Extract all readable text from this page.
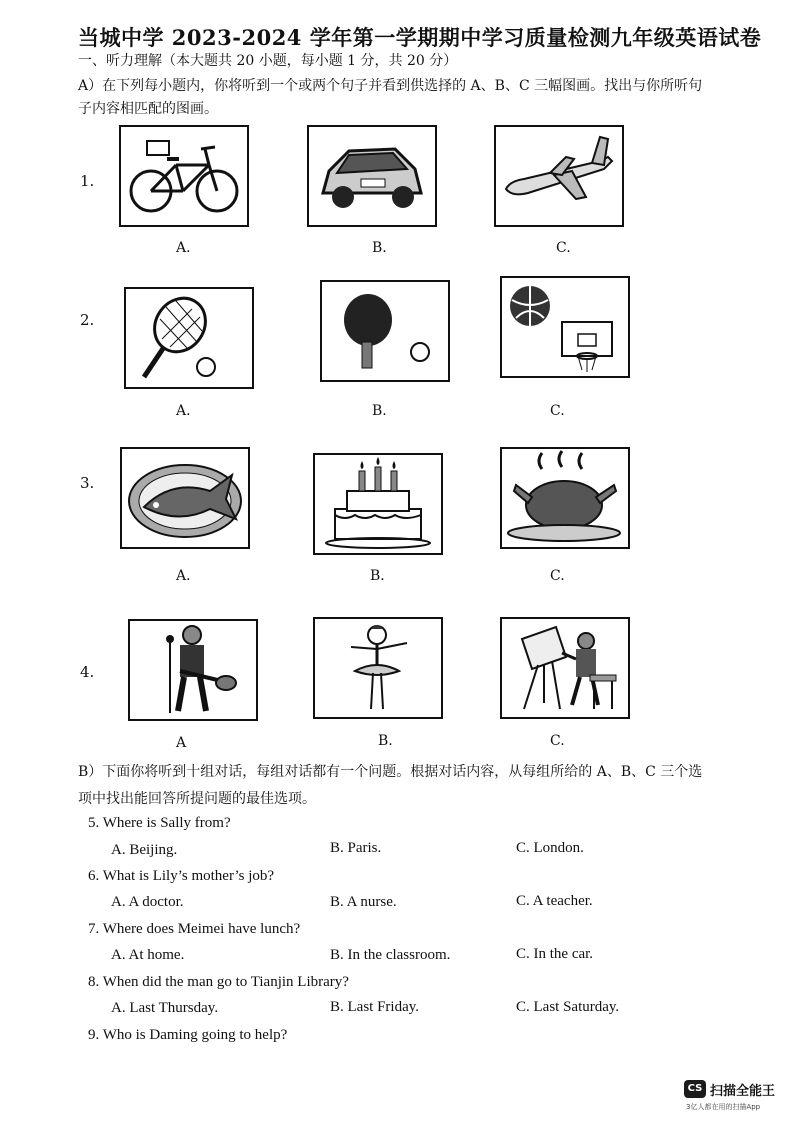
当城中学 2023-2024 学年第一学期期中学习质量检测九年级英语试卷
一、听力理解（本大题共 20 小题，每小题 1 分，共 20 分）
A）在下列每小题内，你将听到一个或两个句子并看到供选择的 A、B、C 三幅图画。找出与你所听句
子内容相匹配的图画。
1.
A.	B.	C.
2.
A.	B.	C.
3.
A.	B.	C.
4.
A	B.	C.
B）下面你将听到十组对话，每组对话都有一个问题。根据对话内容，从每组所给的 A、B、C 三个选
项中找出能回答所提问题的最佳选项。
5. Where is Sally from?
A. Beijing.	B. Paris.	C. London.
6. What is Lily’s mother’s job?
A. A doctor.	B. A nurse.	C. A teacher.
7. Where does Meimei have lunch?
A. At home.	B. In the classroom.	C. In the car.
8. When did the man go to Tianjin Library?
A. Last Thursday.	B. Last Friday.	C. Last Saturday.
9. Who is Daming going to help?
CS 扫描全能王
3亿人都在用的扫描App
